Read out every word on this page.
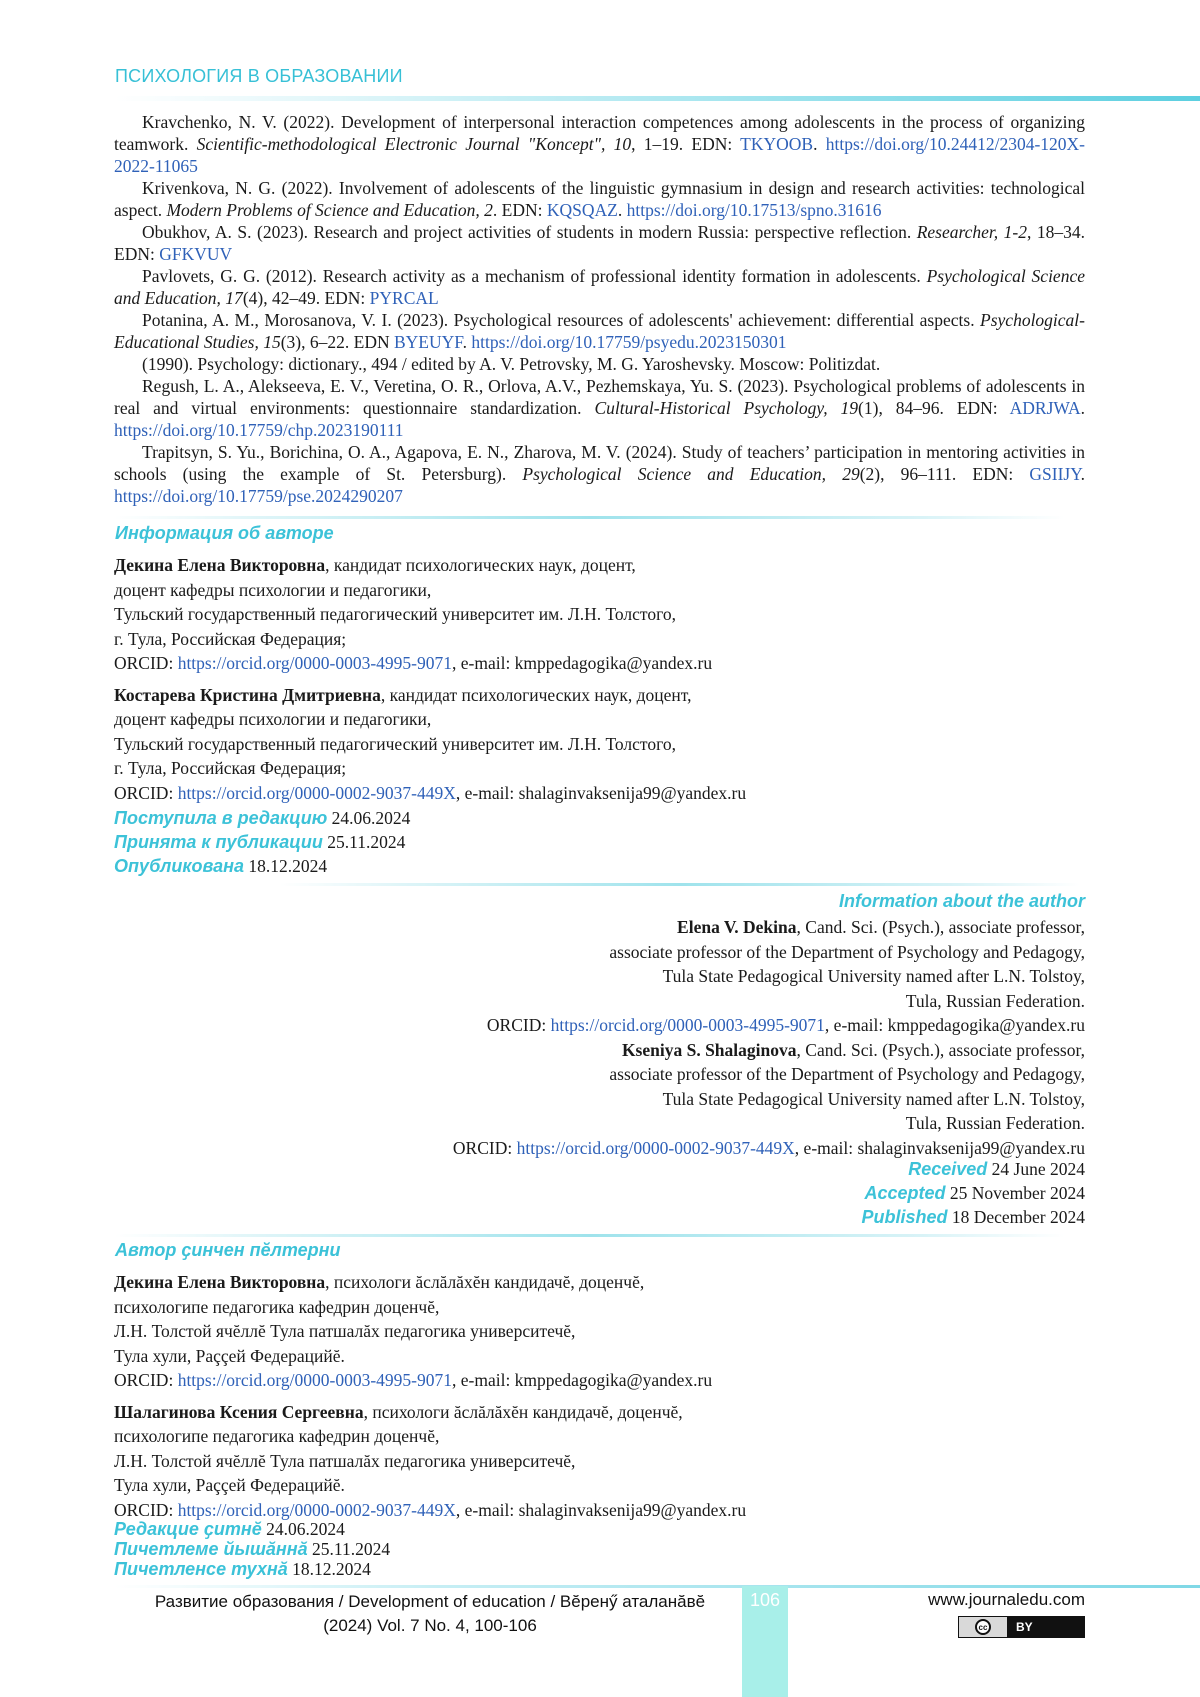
ПСИХОЛОГИЯ В ОБРАЗОВАНИИ

Kravchenko, N. V. (2022). Development of interpersonal interaction competences among adolescents in the process of organizing teamwork. Scientific-methodological Electronic Journal "Koncept", 10, 1–19. EDN: TKYOOB. https://doi.org/10.24412/2304-120X-2022-11065

Krivenkova, N. G. (2022). Involvement of adolescents of the linguistic gymnasium in design and research activities: technological aspect. Modern Problems of Science and Education, 2. EDN: KQSQAZ. https://doi.org/10.17513/spno.31616

Obukhov, A. S. (2023). Research and project activities of students in modern Russia: perspective reflection. Researcher, 1-2, 18–34. EDN: GFKVUV

Pavlovets, G. G. (2012). Research activity as a mechanism of professional identity formation in adolescents. Psychological Science and Education, 17(4), 42–49. EDN: PYRCAL

Potanina, A. M., Morosanova, V. I. (2023). Psychological resources of adolescents' achievement: differential aspects. Psychological-Educational Studies, 15(3), 6–22. EDN BYEUYF. https://doi.org/10.17759/psyedu.2023150301

(1990). Psychology: dictionary., 494 / edited by A. V. Petrovsky, M. G. Yaroshevsky. Moscow: Politizdat.

Regush, L. A., Alekseeva, E. V., Veretina, O. R., Orlova, A.V., Pezhemskaya, Yu. S. (2023). Psychological problems of adolescents in real and virtual environments: questionnaire standardization. Cultural-Historical Psychology, 19(1), 84–96. EDN: ADRJWA. https://doi.org/10.17759/chp.2023190111

Trapitsyn, S. Yu., Borichina, O. A., Agapova, E. N., Zharova, M. V. (2024). Study of teachers’ participation in mentoring activities in schools (using the example of St. Petersburg). Psychological Science and Education, 29(2), 96–111. EDN: GSIIJY. https://doi.org/10.17759/pse.2024290207

Информация об авторе

Декина Елена Викторовна, кандидат психологических наук, доцент,

доцент кафедры психологии и педагогики,

Тульский государственный педагогический университет им. Л.Н. Толстого,

г. Тула, Российская Федерация;

ORCID: https://orcid.org/0000-0003-4995-9071, e-mail: kmppedagogika@yandex.ru

Костарева Кристина Дмитриевна, кандидат психологических наук, доцент,

доцент кафедры психологии и педагогики,

Тульский государственный педагогический университет им. Л.Н. Толстого,

г. Тула, Российская Федерация;

ORCID: https://orcid.org/0000-0002-9037-449X, e-mail: shalaginvaksenija99@yandex.ru

Поступила в редакцию 24.06.2024
Принята к публикации 25.11.2024
Опубликована 18.12.2024
Information about the author

Elena V. Dekina, Cand. Sci. (Psych.), associate professor,

associate professor of the Department of Psychology and Pedagogy,

Tula State Pedagogical University named after L.N. Tolstoy,

Tula, Russian Federation.

ORCID: https://orcid.org/0000-0003-4995-9071, e-mail: kmppedagogika@yandex.ru

Kseniya S. Shalaginova, Cand. Sci. (Psych.), associate professor,

associate professor of the Department of Psychology and Pedagogy,

Tula State Pedagogical University named after L.N. Tolstoy,

Tula, Russian Federation.

ORCID: https://orcid.org/0000-0002-9037-449X, e-mail: shalaginvaksenija99@yandex.ru

Received 24 June 2024
Accepted 25 November 2024
Published 18 December 2024
Автор ҫинчен пӗлтерни

Декина Елена Викторовна, психологи ăслăлăхĕн кандидачĕ, доценчĕ,

психологипе педагогика кафедрин доценчĕ,

Л.Н. Толстой ячĕллĕ Тула патшалăх педагогика университечĕ,

Тула хули, Раççей Федерацийĕ.

ORCID: https://orcid.org/0000-0003-4995-9071, e-mail: kmppedagogika@yandex.ru

Шалагинова Ксения Сергеевна, психологи ăслăлăхĕн кандидачĕ, доценчĕ,

психологипе педагогика кафедрин доценчĕ,

Л.Н. Толстой ячĕллĕ Тула патшалăх педагогика университечĕ,

Тула хули, Раççей Федерацийĕ.

ORCID: https://orcid.org/0000-0002-9037-449X, e-mail: shalaginvaksenija99@yandex.ru

Редакцие ҫитнĕ 24.06.2024
Пичетлеме йышăннă 25.11.2024
Пичетленсе тухнă 18.12.2024
106
Развитие образования / Development of education / Вĕренӳ аталанăвĕ
(2024) Vol. 7 No. 4, 100-106
www.journaledu.com
cc	BY
